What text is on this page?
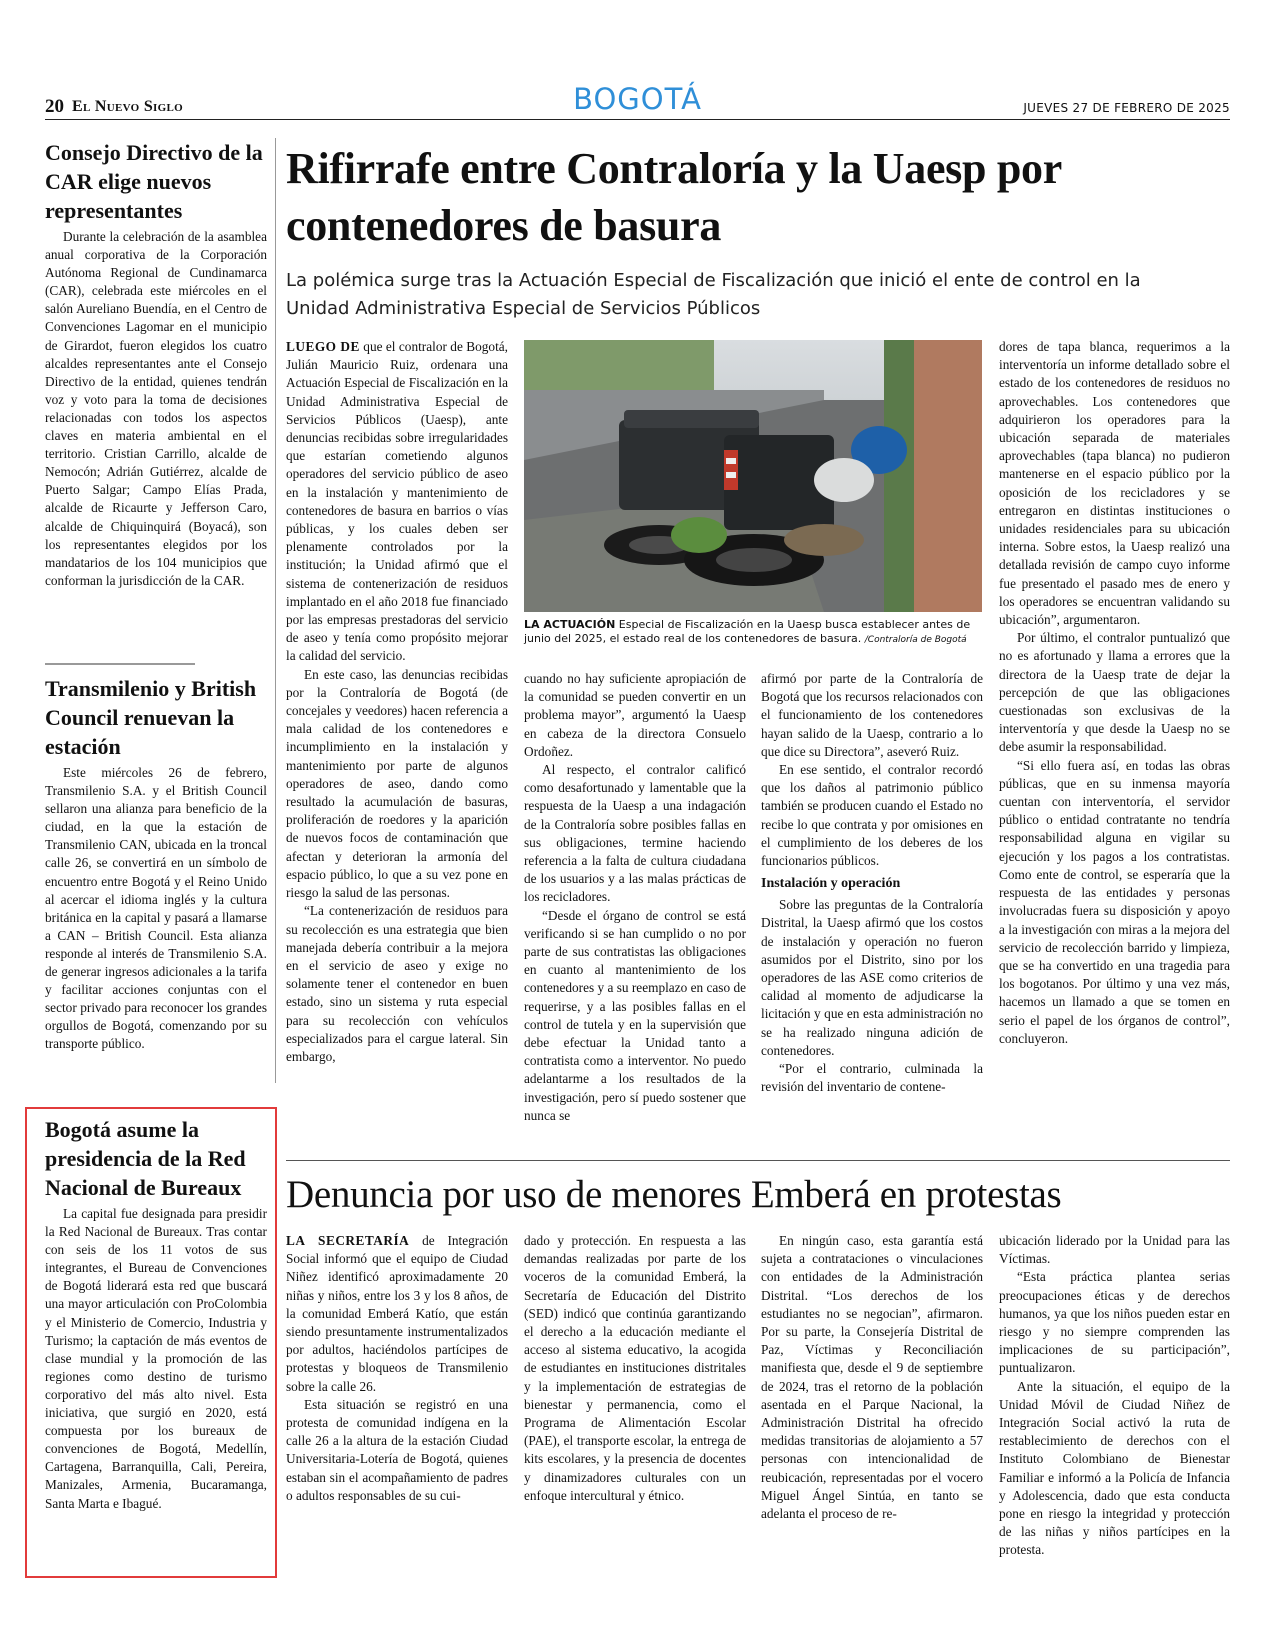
20 El Nuevo Siglo	BOGOTÁ	JUEVES 27 DE FEBRERO DE 2025
Consejo Directivo de la CAR elige nuevos representantes

Durante la celebración de la asamblea anual corporativa de la Corporación Autónoma Regional de Cundinamarca (CAR), celebrada este miércoles en el salón Aureliano Buendía, en el Centro de Convenciones Lagomar en el municipio de Girardot, fueron elegidos los cuatro alcaldes representantes ante el Consejo Directivo de la entidad, quienes tendrán voz y voto para la toma de decisiones relacionadas con todos los aspectos claves en materia ambiental en el territorio. Cristian Carrillo, alcalde de Nemocón; Adrián Gutiérrez, alcalde de Puerto Salgar; Campo Elías Prada, alcalde de Ricaurte y Jefferson Caro, alcalde de Chiquinquirá (Boyacá), son los representantes elegidos por los mandatarios de los 104 municipios que conforman la jurisdicción de la CAR.

Transmilenio y British Council renuevan la estación

Este miércoles 26 de febrero, Transmilenio S.A. y el British Council sellaron una alianza para beneficio de la ciudad, en la que la estación de Transmilenio CAN, ubicada en la troncal calle 26, se convertirá en un símbolo de encuentro entre Bogotá y el Reino Unido al acercar el idioma inglés y la cultura británica en la capital y pasará a llamarse a CAN – British Council. Esta alianza responde al interés de Transmilenio S.A. de generar ingresos adicionales a la tarifa y facilitar acciones conjuntas con el sector privado para reconocer los grandes orgullos de Bogotá, comenzando por su transporte público.

Bogotá asume la presidencia de la Red Nacional de Bureaux

La capital fue designada para presidir la Red Nacional de Bureaux. Tras contar con seis de los 11 votos de sus integrantes, el Bureau de Convenciones de Bogotá liderará esta red que buscará una mayor articulación con ProColombia y el Ministerio de Comercio, Industria y Turismo; la captación de más eventos de clase mundial y la promoción de las regiones como destino de turismo corporativo del más alto nivel. Esta iniciativa, que surgió en 2020, está compuesta por los bureaux de convenciones de Bogotá, Medellín, Cartagena, Barranquilla, Cali, Pereira, Manizales, Armenia, Bucaramanga, Santa Marta e Ibagué.

Rifirrafe entre Contraloría y la Uaesp por contenedores de basura

La polémica surge tras la Actuación Especial de Fiscalización que inició el ente de control en la Unidad Administrativa Especial de Servicios Públicos

LUEGO DE que el contralor de Bogotá, Julián Mauricio Ruiz, ordenara una Actuación Especial de Fiscalización en la Unidad Administrativa Especial de Servicios Públicos (Uaesp), ante denuncias recibidas sobre irregularidades que estarían cometiendo algunos operadores del servicio público de aseo en la instalación y mantenimiento de contenedores de basura en barrios o vías públicas, y los cuales deben ser plenamente controlados por la institución; la Unidad afirmó que el sistema de contenerización de residuos implantado en el año 2018 fue financiado por las empresas prestadoras del servicio de aseo y tenía como propósito mejorar la calidad del servicio.

En este caso, las denuncias recibidas por la Contraloría de Bogotá (de concejales y veedores) hacen referencia a mala calidad de los contenedores e incumplimiento en la instalación y mantenimiento por parte de algunos operadores de aseo, dando como resultado la acumulación de basuras, proliferación de roedores y la aparición de nuevos focos de contaminación que afectan y deterioran la armonía del espacio público, lo que a su vez pone en riesgo la salud de las personas.

“La contenerización de residuos para su recolección es una estrategia que bien manejada debería contribuir a la mejora en el servicio de aseo y exige no solamente tener el contenedor en buen estado, sino un sistema y ruta especial para su recolección con vehículos especializados para el cargue lateral. Sin embargo,

LA ACTUACIÓN Especial de Fiscalización en la Uaesp busca establecer antes de junio del 2025, el estado real de los contenedores de basura. /Contraloría de Bogotá

cuando no hay suficiente apropiación de la comunidad se pueden convertir en un problema mayor”, argumentó la Uaesp en cabeza de la directora Consuelo Ordoñez.

Al respecto, el contralor calificó como desafortunado y lamentable que la respuesta de la Uaesp a una indagación de la Contraloría sobre posibles fallas en sus obligaciones, termine haciendo referencia a la falta de cultura ciudadana de los usuarios y a las malas prácticas de los recicladores.

“Desde el órgano de control se está verificando si se han cumplido o no por parte de sus contratistas las obligaciones en cuanto al mantenimiento de los contenedores y a su reemplazo en caso de requerirse, y a las posibles fallas en el control de tutela y en la supervisión que debe efectuar la Unidad tanto a contratista como a interventor. No puedo adelantarme a los resultados de la investigación, pero sí puedo sostener que nunca se

afirmó por parte de la Contraloría de Bogotá que los recursos relacionados con el funcionamiento de los contenedores hayan salido de la Uaesp, contrario a lo que dice su Directora”, aseveró Ruiz.

En ese sentido, el contralor recordó que los daños al patrimonio público también se producen cuando el Estado no recibe lo que contrata y por omisiones en el cumplimiento de los deberes de los funcionarios públicos.

Instalación y operación

Sobre las preguntas de la Contraloría Distrital, la Uaesp afirmó que los costos de instalación y operación no fueron asumidos por el Distrito, sino por los operadores de las ASE como criterios de calidad al momento de adjudicarse la licitación y que en esta administración no se ha realizado ninguna adición de contenedores.

“Por el contrario, culminada la revisión del inventario de contene-

dores de tapa blanca, requerimos a la interventoría un informe detallado sobre el estado de los contenedores de residuos no aprovechables. Los contenedores que adquirieron los operadores para la ubicación separada de materiales aprovechables (tapa blanca) no pudieron mantenerse en el espacio público por la oposición de los recicladores y se entregaron en distintas instituciones o unidades residenciales para su ubicación interna. Sobre estos, la Uaesp realizó una detallada revisión de campo cuyo informe fue presentado el pasado mes de enero y los operadores se encuentran validando su ubicación”, argumentaron.

Por último, el contralor puntualizó que no es afortunado y llama a errores que la directora de la Uaesp trate de dejar la percepción de que las obligaciones cuestionadas son exclusivas de la interventoría y que desde la Uaesp no se debe asumir la responsabilidad.

“Si ello fuera así, en todas las obras públicas, que en su inmensa mayoría cuentan con interventoría, el servidor público o entidad contratante no tendría responsabilidad alguna en vigilar su ejecución y los pagos a los contratistas. Como ente de control, se esperaría que la respuesta de las entidades y personas involucradas fuera su disposición y apoyo a la investigación con miras a la mejora del servicio de recolección barrido y limpieza, que se ha convertido en una tragedia para los bogotanos. Por último y una vez más, hacemos un llamado a que se tomen en serio el papel de los órganos de control”, concluyeron.

Denuncia por uso de menores Emberá en protestas

LA SECRETARÍA de Integración Social informó que el equipo de Ciudad Niñez identificó aproximadamente 20 niñas y niños, entre los 3 y los 8 años, de la comunidad Emberá Katío, que están siendo presuntamente instrumentalizados por adultos, haciéndolos partícipes de protestas y bloqueos de Transmilenio sobre la calle 26.

Esta situación se registró en una protesta de comunidad indígena en la calle 26 a la altura de la estación Ciudad Universitaria-Lotería de Bogotá, quienes estaban sin el acompañamiento de padres o adultos responsables de su cui-

dado y protección. En respuesta a las demandas realizadas por parte de los voceros de la comunidad Emberá, la Secretaría de Educación del Distrito (SED) indicó que continúa garantizando el derecho a la educación mediante el acceso al sistema educativo, la acogida de estudiantes en instituciones distritales y la implementación de estrategias de bienestar y permanencia, como el Programa de Alimentación Escolar (PAE), el transporte escolar, la entrega de kits escolares, y la presencia de docentes y dinamizadores culturales con un enfoque intercultural y étnico.

En ningún caso, esta garantía está sujeta a contrataciones o vinculaciones con entidades de la Administración Distrital. “Los derechos de los estudiantes no se negocian”, afirmaron. Por su parte, la Consejería Distrital de Paz, Víctimas y Reconciliación manifiesta que, desde el 9 de septiembre de 2024, tras el retorno de la población asentada en el Parque Nacional, la Administración Distrital ha ofrecido medidas transitorias de alojamiento a 57 personas con intencionalidad de reubicación, representadas por el vocero Miguel Ángel Sintúa, en tanto se adelanta el proceso de re-

ubicación liderado por la Unidad para las Víctimas.

“Esta práctica plantea serias preocupaciones éticas y de derechos humanos, ya que los niños pueden estar en riesgo y no siempre comprenden las implicaciones de su participación”, puntualizaron.

Ante la situación, el equipo de la Unidad Móvil de Ciudad Niñez de Integración Social activó la ruta de restablecimiento de derechos con el Instituto Colombiano de Bienestar Familiar e informó a la Policía de Infancia y Adolescencia, dado que esta conducta pone en riesgo la integridad y protección de las niñas y niños partícipes en la protesta.
